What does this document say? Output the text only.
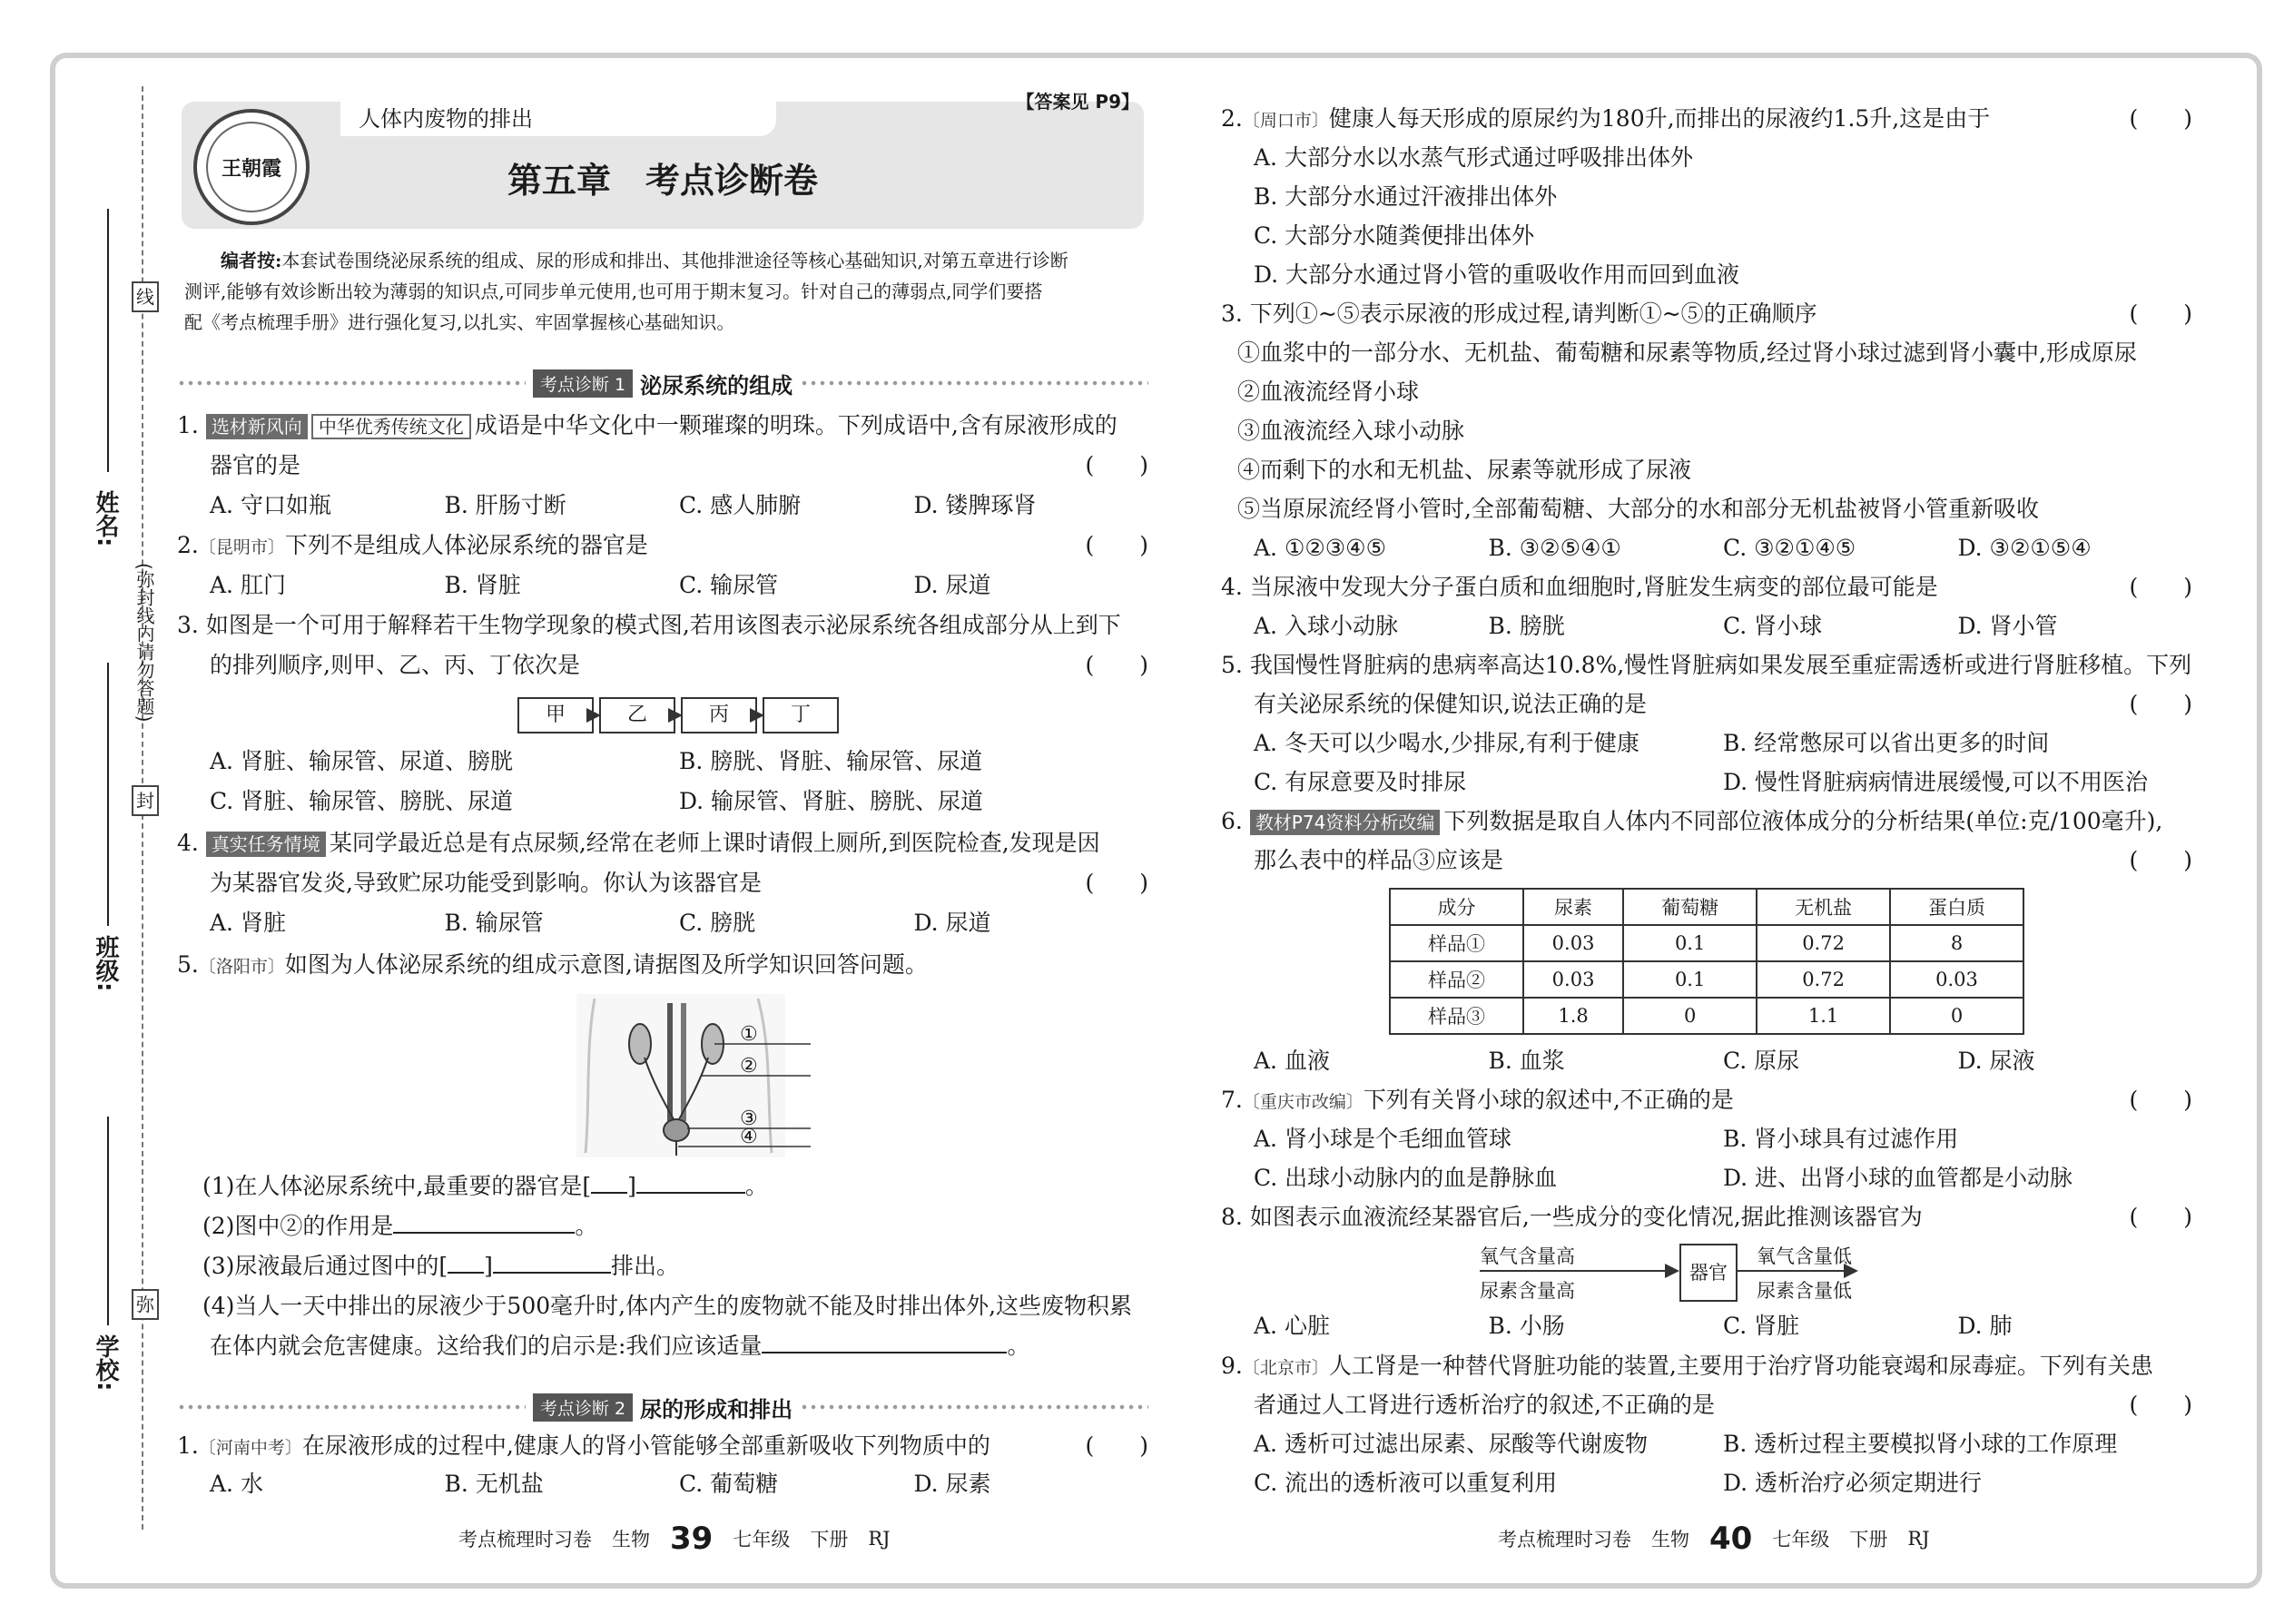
姓名:
班级:
学校:
线
(弥封线内请勿答题)
封
弥
王朝霞
人体内废物的排出
【答案见 P9】
第五章　考点诊断卷
编者按:本套试卷围绕泌尿系统的组成、尿的形成和排出、其他排泄途径等核心基础知识,对第五章进行诊断
测评,能够有效诊断出较为薄弱的知识点,可同步单元使用,也可用于期末复习。针对自己的薄弱点,同学们要搭
配《考点梳理手册》进行强化复习,以扎实、牢固掌握核心基础知识。
考点诊断 1 泌尿系统的组成
1. 选材新风向 中华优秀传统文化 成语是中华文化中一颗璀璨的明珠。下列成语中,含有尿液形成的
器官的是	(　　)
A. 守口如瓶	B. 肝肠寸断	C. 感人肺腑	D. 镂脾琢肾
2.〔昆明市〕下列不是组成人体泌尿系统的器官是	(　　)
A. 肛门	B. 肾脏	C. 输尿管	D. 尿道
3. 如图是一个可用于解释若干生物学现象的模式图,若用该图表示泌尿系统各组成部分从上到下
的排列顺序,则甲、乙、丙、丁依次是	(　　)
甲	乙	丙	丁
A. 肾脏、输尿管、尿道、膀胱	B. 膀胱、肾脏、输尿管、尿道
C. 肾脏、输尿管、膀胱、尿道	D. 输尿管、肾脏、膀胱、尿道
4. 真实任务情境 某同学最近总是有点尿频,经常在老师上课时请假上厕所,到医院检查,发现是因
为某器官发炎,导致贮尿功能受到影响。你认为该器官是	(　　)
A. 肾脏	B. 输尿管	C. 膀胱	D. 尿道
5.〔洛阳市〕如图为人体泌尿系统的组成示意图,请据图及所学知识回答问题。
①
②
③
④
(1)在人体泌尿系统中,最重要的器官是[ ]	。
(2)图中②的作用是	。
(3)尿液最后通过图中的[ ]	排出。
(4)当人一天中排出的尿液少于500毫升时,体内产生的废物就不能及时排出体外,这些废物积累
在体内就会危害健康。这给我们的启示是:我们应该适量	。
考点诊断 2 尿的形成和排出
1.〔河南中考〕在尿液形成的过程中,健康人的肾小管能够全部重新吸收下列物质中的	(　　)
A. 水	B. 无机盐	C. 葡萄糖	D. 尿素
考点梳理时习卷 生物 39 七年级 下册 RJ
2.〔周口市〕健康人每天形成的原尿约为180升,而排出的尿液约1.5升,这是由于	(　　)
A. 大部分水以水蒸气形式通过呼吸排出体外
B. 大部分水通过汗液排出体外
C. 大部分水随粪便排出体外
D. 大部分水通过肾小管的重吸收作用而回到血液
3. 下列①~⑤表示尿液的形成过程,请判断①~⑤的正确顺序	(　　)
①血浆中的一部分水、无机盐、葡萄糖和尿素等物质,经过肾小球过滤到肾小囊中,形成原尿
②血液流经肾小球
③血液流经入球小动脉
④而剩下的水和无机盐、尿素等就形成了尿液
⑤当原尿流经肾小管时,全部葡萄糖、大部分的水和部分无机盐被肾小管重新吸收
A. ①②③④⑤	B. ③②⑤④①	C. ③②①④⑤	D. ③②①⑤④
4. 当尿液中发现大分子蛋白质和血细胞时,肾脏发生病变的部位最可能是	(　　)
A. 入球小动脉	B. 膀胱	C. 肾小球	D. 肾小管
5. 我国慢性肾脏病的患病率高达10.8%,慢性肾脏病如果发展至重症需透析或进行肾脏移植。下列
有关泌尿系统的保健知识,说法正确的是	(　　)
A. 冬天可以少喝水,少排尿,有利于健康	B. 经常憋尿可以省出更多的时间
C. 有尿意要及时排尿	D. 慢性肾脏病病情进展缓慢,可以不用医治
6. 教材P74资料分析改编 下列数据是取自人体内不同部位液体成分的分析结果(单位:克/100毫升),
那么表中的样品③应该是	(　　)
成分	尿素	葡萄糖	无机盐	蛋白质
样品①	0.03	0.1	0.72	8
样品②	0.03	0.1	0.72	0.03
样品③	1.8	0	1.1	0
A. 血液	B. 血浆	C. 原尿	D. 尿液
7.〔重庆市改编〕下列有关肾小球的叙述中,不正确的是	(　　)
A. 肾小球是个毛细血管球	B. 肾小球具有过滤作用
C. 出球小动脉内的血是静脉血	D. 进、出肾小球的血管都是小动脉
8. 如图表示血液流经某器官后,一些成分的变化情况,据此推测该器官为	(　　)
氧气含量高
尿素含量高
器官
氧气含量低
尿素含量低
A. 心脏	B. 小肠	C. 肾脏	D. 肺
9.〔北京市〕人工肾是一种替代肾脏功能的装置,主要用于治疗肾功能衰竭和尿毒症。下列有关患
者通过人工肾进行透析治疗的叙述,不正确的是	(　　)
A. 透析可过滤出尿素、尿酸等代谢废物	B. 透析过程主要模拟肾小球的工作原理
C. 流出的透析液可以重复利用	D. 透析治疗必须定期进行
考点梳理时习卷 生物 40 七年级 下册 RJ
